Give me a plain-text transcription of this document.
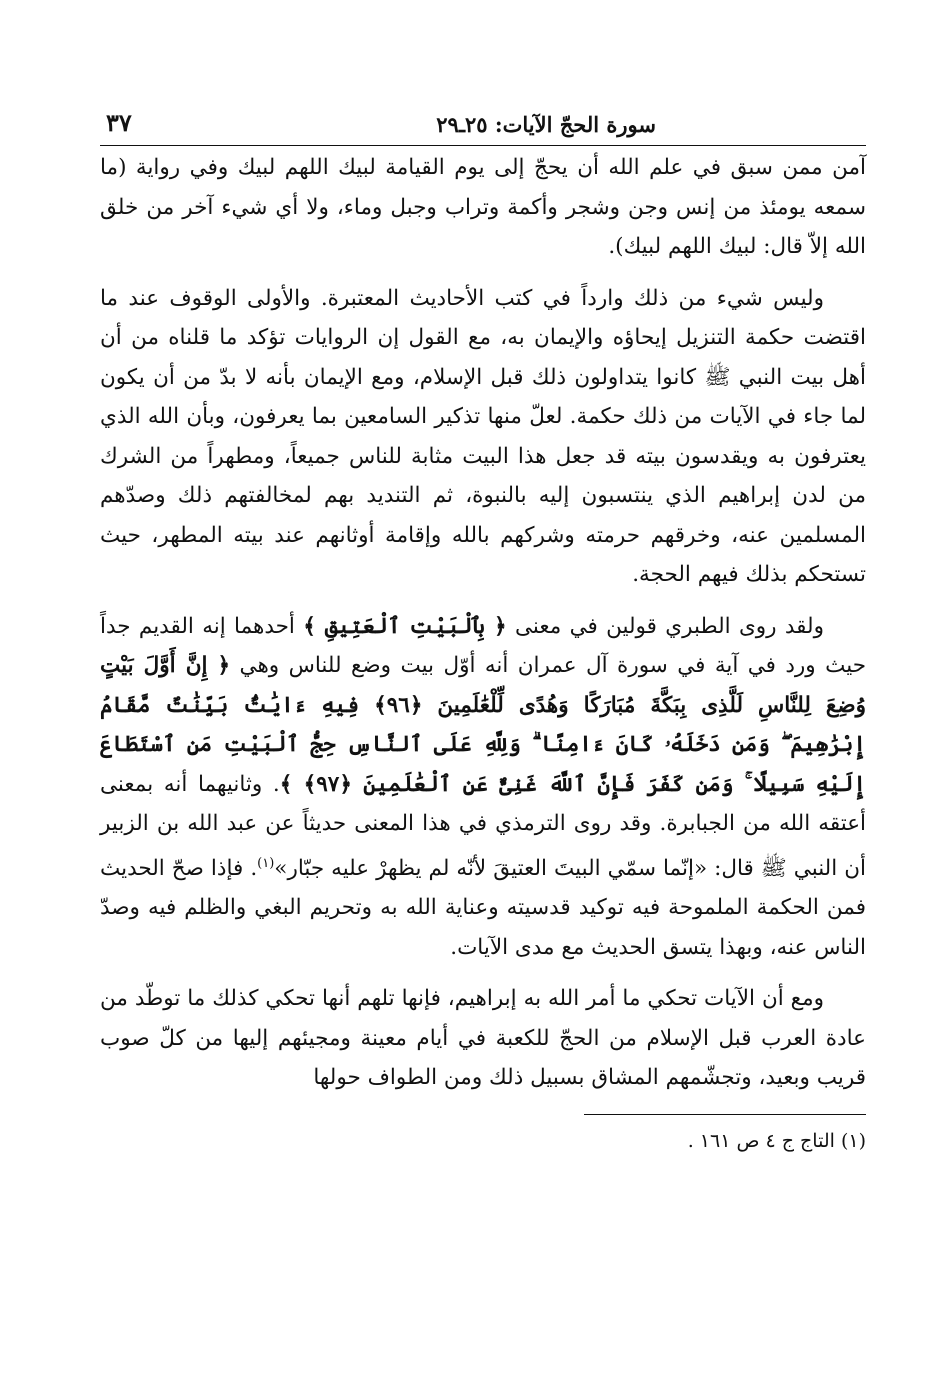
سورة الحجّ الآيات: ٢٥ـ٢٩
٣٧

آمن ممن سبق في علم الله أن يحجّ إلى يوم القيامة لبيك اللهم لبيك وفي رواية (ما سمعه يومئذ من إنس وجن وشجر وأكمة وتراب وجبل وماء، ولا أي شيء آخر من خلق الله إلاّ قال: لبيك اللهم لبيك).

وليس شيء من ذلك وارداً في كتب الأحاديث المعتبرة. والأولى الوقوف عند ما اقتضت حكمة التنزيل إيحاؤه والإيمان به، مع القول إن الروايات تؤكد ما قلناه من أن أهل بيت النبي ﷺ كانوا يتداولون ذلك قبل الإسلام، ومع الإيمان بأنه لا بدّ من أن يكون لما جاء في الآيات من ذلك حكمة. لعلّ منها تذكير السامعين بما يعرفون، وبأن الله الذي يعترفون به ويقدسون بيته قد جعل هذا البيت مثابة للناس جميعاً، ومطهراً من الشرك من لدن إبراهيم الذي ينتسبون إليه بالنبوة، ثم التنديد بهم لمخالفتهم ذلك وصدّهم المسلمين عنه، وخرقهم حرمته وشركهم بالله وإقامة أوثانهم عند بيته المطهر، حيث تستحكم بذلك فيهم الحجة.

ولقد روى الطبري قولين في معنى ﴿ بِٱلْبَيْتِ ٱلْعَتِيقِ ﴾ أحدهما إنه القديم جداً حيث ورد في آية في سورة آل عمران أنه أوّل بيت وضع للناس وهي ﴿ إِنَّ أَوَّلَ بَيْتٍ وُضِعَ لِلنَّاسِ لَلَّذِى بِبَكَّةَ مُبَارَكًا وَهُدًى لِّلْعَٰلَمِينَ ﴿٩٦﴾ فِيهِ ءَايَٰتٌۢ بَيِّنَٰتٌ مَّقَامُ إِبْرَٰهِيمَ ۖ وَمَن دَخَلَهُۥ كَانَ ءَامِنًا ۗ وَلِلَّهِ عَلَى ٱلنَّاسِ حِجُّ ٱلْبَيْتِ مَنِ ٱسْتَطَاعَ إِلَيْهِ سَبِيلًا ۚ وَمَن كَفَرَ فَإِنَّ ٱللَّهَ غَنِىٌّ عَنِ ٱلْعَٰلَمِينَ ﴿٩٧﴾ ﴾. وثانيهما أنه بمعنى أعتقه الله من الجبابرة. وقد روى الترمذي في هذا المعنى حديثاً عن عبد الله بن الزبير أن النبي ﷺ قال: «إنّما سمّي البيتَ العتيقَ لأنّه لم يظهرْ عليه جبّار»$^{(١)}$. فإذا صحّ الحديث فمن الحكمة الملموحة فيه توكيد قدسيته وعناية الله به وتحريم البغي والظلم فيه وصدّ الناس عنه، وبهذا يتسق الحديث مع مدى الآيات.

ومع أن الآيات تحكي ما أمر الله به إبراهيم، فإنها تلهم أنها تحكي كذلك ما توطّد من عادة العرب قبل الإسلام من الحجّ للكعبة في أيام معينة ومجيئهم إليها من كلّ صوب قريب وبعيد، وتجشّمهم المشاق بسبيل ذلك ومن الطواف حولها

(١) التاج ج ٤ ص ١٦١ .
